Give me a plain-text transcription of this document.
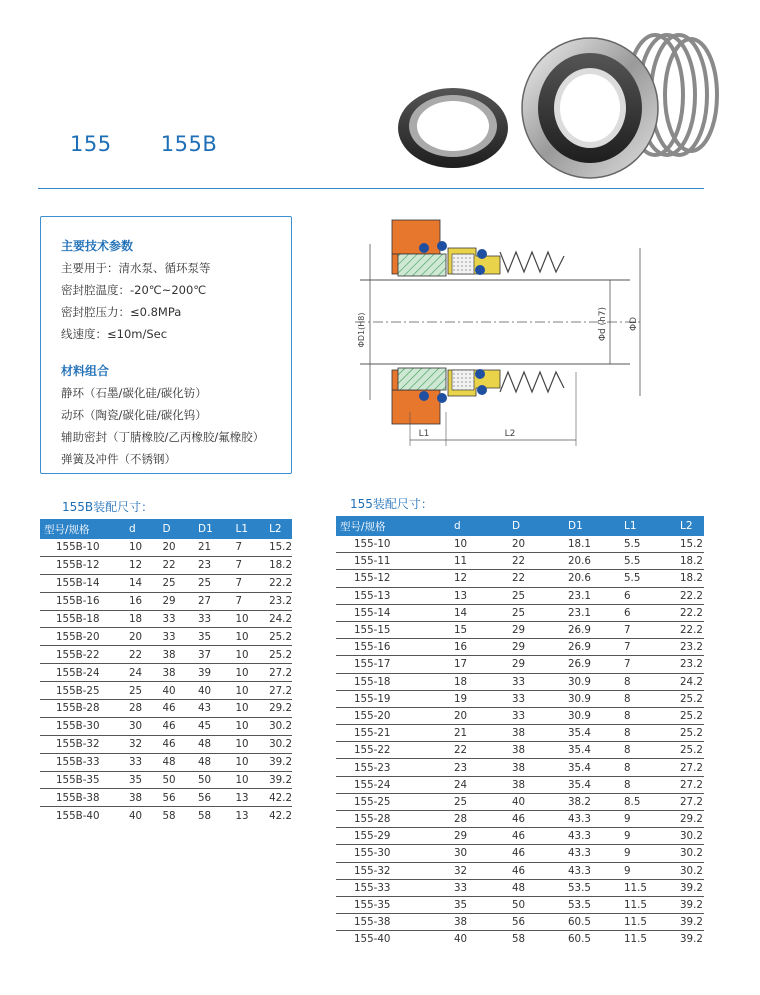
155 155B
主要技术参数
主要用于：清水泵、循环泵等
密封腔温度：-20℃~200℃
密封腔压力：≤0.8MPa
线速度：≤10m/Sec
材料组合
静环（石墨/碳化硅/碳化钫）
动环（陶瓷/碳化硅/碳化钨）
辅助密封（丁腈橡胶/乙丙橡胶/氟橡胶）
弹簧及冲件（不锈钢）
ΦD1(H8)	Φd (h7) ΦD
L1	L2
155B装配尺寸：	155装配尺寸：
型号/规格	d	D	D1	L1	L2
155B-10	10	20	21	7	15.2
155B-12	12	22	23	7	18.2
155B-14	14	25	25	7	22.2
155B-16	16	29	27	7	23.2
155B-18	18	33	33	10	24.2
155B-20	20	33	35	10	25.2
155B-22	22	38	37	10	25.2
155B-24	24	38	39	10	27.2
155B-25	25	40	40	10	27.2
155B-28	28	46	43	10	29.2
155B-30	30	46	45	10	30.2
155B-32	32	46	48	10	30.2
155B-33	33	48	48	10	39.2
155B-35	35	50	50	10	39.2
155B-38	38	56	56	13	42.2
155B-40	40	58	58	13	42.2
型号/规格	d	D	D1	L1	L2
155-10	10	20	18.1	5.5	15.2
155-11	11	22	20.6	5.5	18.2
155-12	12	22	20.6	5.5	18.2
155-13	13	25	23.1	6	22.2
155-14	14	25	23.1	6	22.2
155-15	15	29	26.9	7	22.2
155-16	16	29	26.9	7	23.2
155-17	17	29	26.9	7	23.2
155-18	18	33	30.9	8	24.2
155-19	19	33	30.9	8	25.2
155-20	20	33	30.9	8	25.2
155-21	21	38	35.4	8	25.2
155-22	22	38	35.4	8	25.2
155-23	23	38	35.4	8	27.2
155-24	24	38	35.4	8	27.2
155-25	25	40	38.2	8.5	27.2
155-28	28	46	43.3	9	29.2
155-29	29	46	43.3	9	30.2
155-30	30	46	43.3	9	30.2
155-32	32	46	43.3	9	30.2
155-33	33	48	53.5	11.5	39.2
155-35	35	50	53.5	11.5	39.2
155-38	38	56	60.5	11.5	39.2
155-40	40	58	60.5	11.5	39.2
